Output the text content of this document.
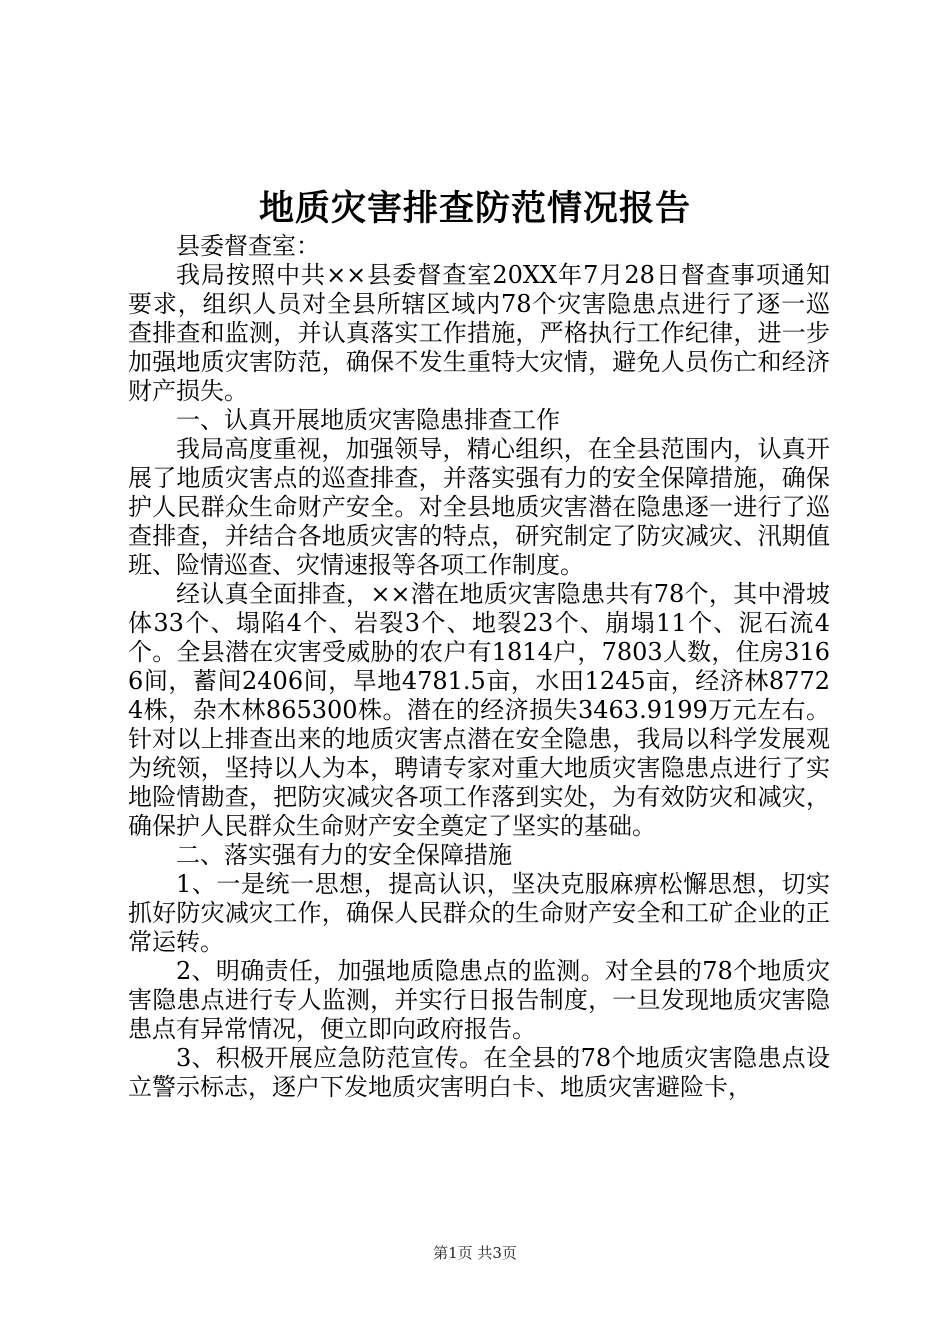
地质灾害排查防范情况报告

县委督查室：

我局按照中共××县委督查室20XX年7月28日督查事项通知要求，组织人员对全县所辖区域内78个灾害隐患点进行了逐一巡查排查和监测，并认真落实工作措施，严格执行工作纪律，进一步加强地质灾害防范，确保不发生重特大灾情，避免人员伤亡和经济财产损失。

一、认真开展地质灾害隐患排查工作

我局高度重视，加强领导，精心组织，在全县范围内，认真开展了地质灾害点的巡查排查，并落实强有力的安全保障措施，确保护人民群众生命财产安全。对全县地质灾害潜在隐患逐一进行了巡查排查，并结合各地质灾害的特点，研究制定了防灾减灾、汛期值班、险情巡查、灾情速报等各项工作制度。

经认真全面排查，××潜在地质灾害隐患共有78个，其中滑坡体33个、塌陷4个、岩裂3个、地裂23个、崩塌11个、泥石流4个。全县潜在灾害受威胁的农户有1814户，7803人数，住房3166间，蓄间2406间，旱地4781.5亩，水田1245亩，经济林87724株，杂木林865300株。潜在的经济损失3463.9199万元左右。针对以上排查出来的地质灾害点潜在安全隐患，我局以科学发展观为统领，坚持以人为本，聘请专家对重大地质灾害隐患点进行了实地险情勘查，把防灾减灾各项工作落到实处，为有效防灾和减灾，确保护人民群众生命财产安全奠定了坚实的基础。

二、落实强有力的安全保障措施

1、一是统一思想，提高认识，坚决克服麻痹松懈思想，切实抓好防灾减灾工作，确保人民群众的生命财产安全和工矿企业的正常运转。

2、明确责任，加强地质隐患点的监测。对全县的78个地质灾害隐患点进行专人监测，并实行日报告制度，一旦发现地质灾害隐患点有异常情况，便立即向政府报告。

3、积极开展应急防范宣传。在全县的78个地质灾害隐患点设立警示标志，逐户下发地质灾害明白卡、地质灾害避险卡，

第1页 共3页
